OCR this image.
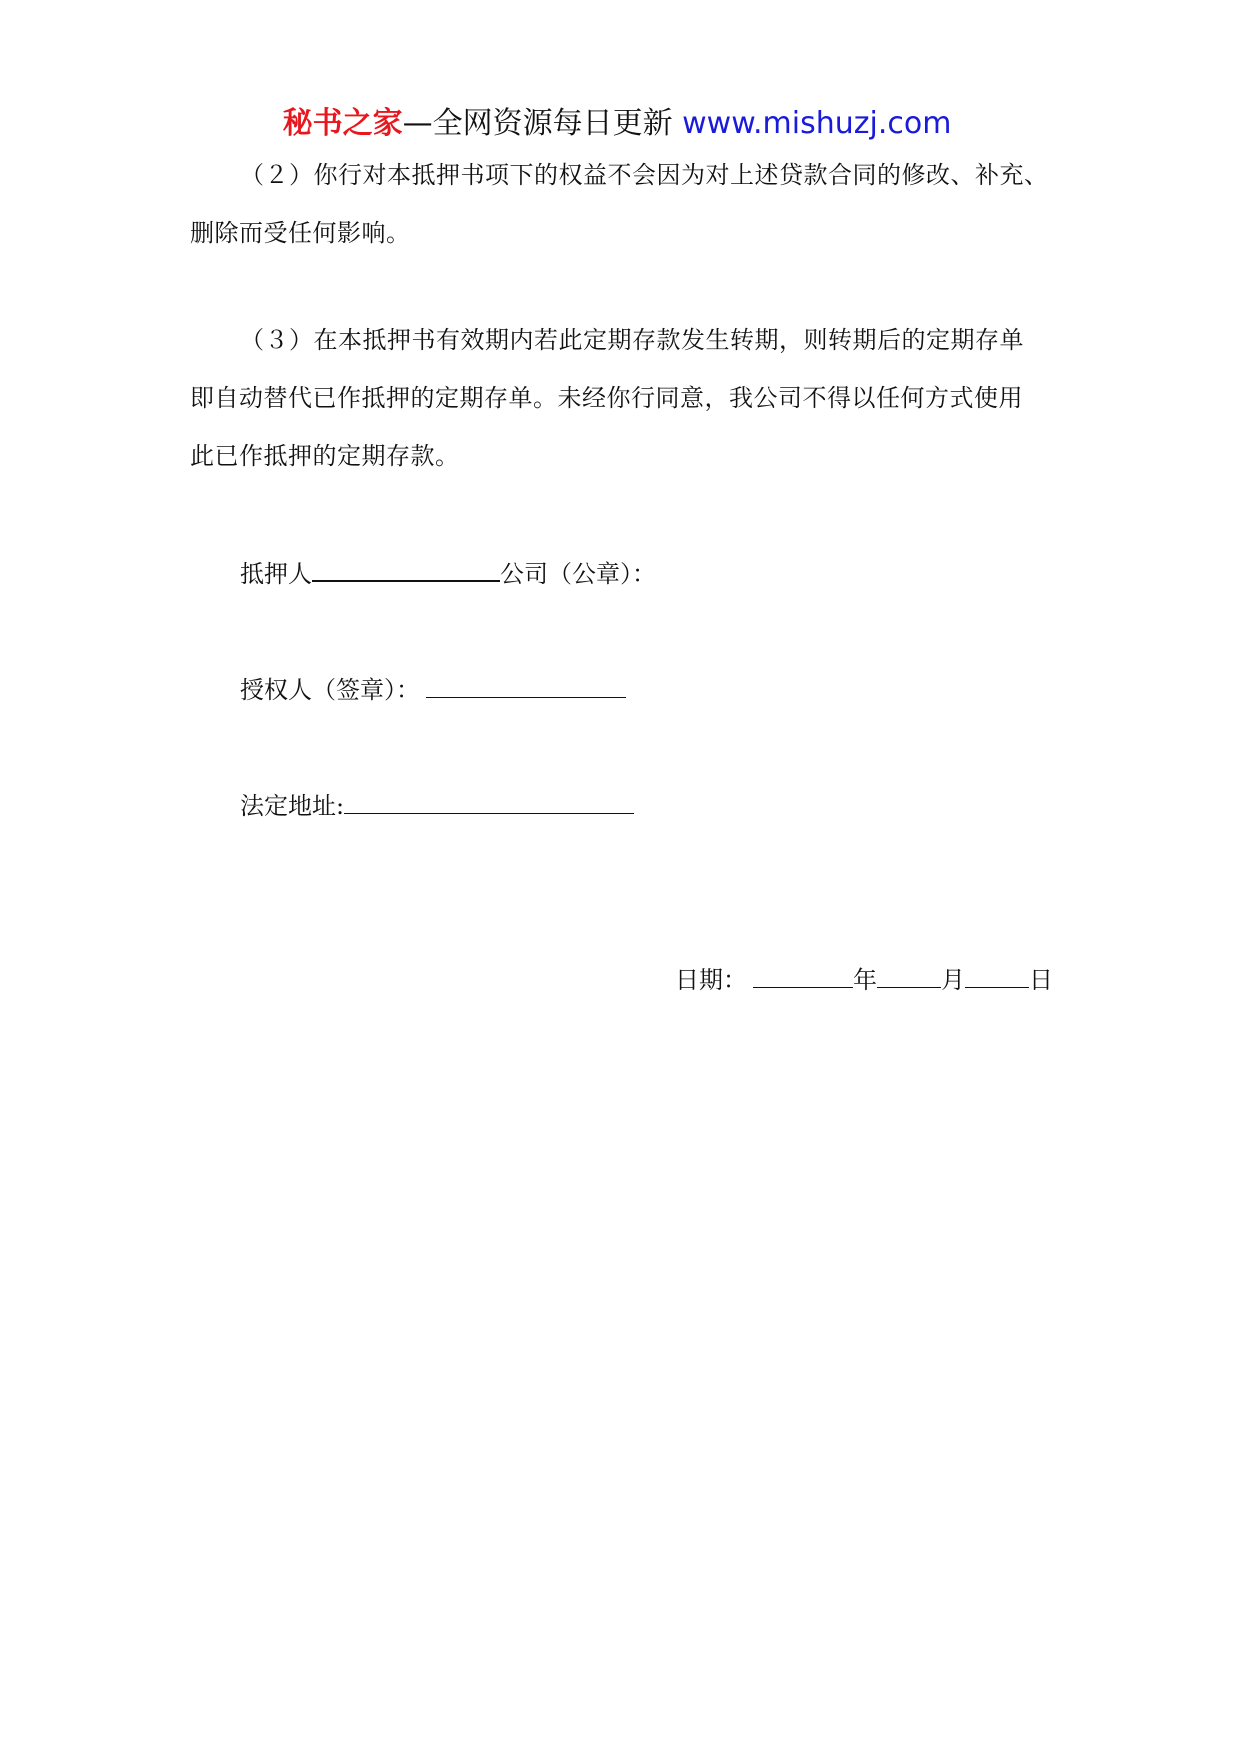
秘书之家—全网资源每日更新 www.mishuzj.com
（２）你行对本抵押书项下的权益不会因为对上述贷款合同的修改、补充、
删除而受任何影响。
（３）在本抵押书有效期内若此定期存款发生转期，则转期后的定期存单
即自动替代已作抵押的定期存单。未经你行同意，我公司不得以任何方式使用
此已作抵押的定期存款。
抵押人	公司（公章）：
授权人（签章）：
法定地址:
日期：	年	月	日
